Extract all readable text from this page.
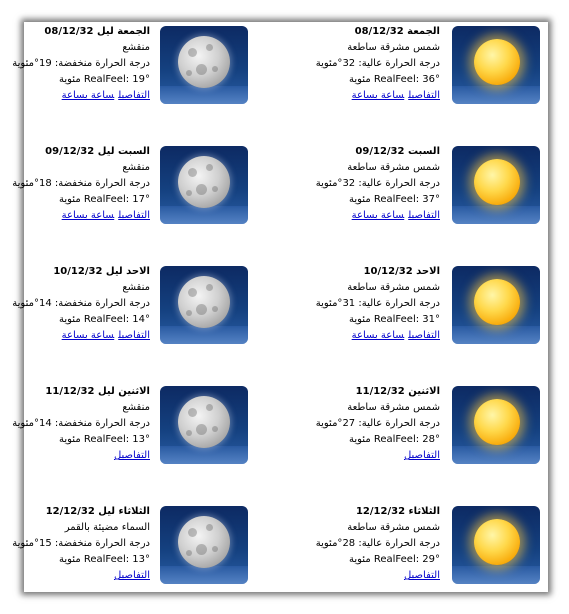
الجمعة ليل 08/12/32
منقشع
درجة الحرارة منخفضة: 19°مئوية
RealFeel: 19° مئوية
التفاصيلساعة بساعة
الجمعة 08/12/32
شمس مشرقة ساطعة
درجة الحرارة عالية: 32°مئوية
RealFeel: 36° مئوية
التفاصيلساعة بساعة
السبت ليل 09/12/32
منقشع
درجة الحرارة منخفضة: 18°مئوية
RealFeel: 17° مئوية
التفاصيلساعة بساعة
السبت 09/12/32
شمس مشرقة ساطعة
درجة الحرارة عالية: 32°مئوية
RealFeel: 37° مئوية
التفاصيلساعة بساعة
الاحد ليل 10/12/32
منقشع
درجة الحرارة منخفضة: 14°مئوية
RealFeel: 14° مئوية
التفاصيلساعة بساعة
الاحد 10/12/32
شمس مشرقة ساطعة
درجة الحرارة عالية: 31°مئوية
RealFeel: 31° مئوية
التفاصيلساعة بساعة
الاثنين ليل 11/12/32
منقشع
درجة الحرارة منخفضة: 14°مئوية
RealFeel: 13° مئوية
التفاصيل
الاثنين 11/12/32
شمس مشرقة ساطعة
درجة الحرارة عالية: 27°مئوية
RealFeel: 28° مئوية
التفاصيل
الثلاثاء ليل 12/12/32
السماء مضيئة بالقمر
درجة الحرارة منخفضة: 15°مئوية
RealFeel: 13° مئوية
التفاصيل
الثلاثاء 12/12/32
شمس مشرقة ساطعة
درجة الحرارة عالية: 28°مئوية
RealFeel: 29° مئوية
التفاصيل
